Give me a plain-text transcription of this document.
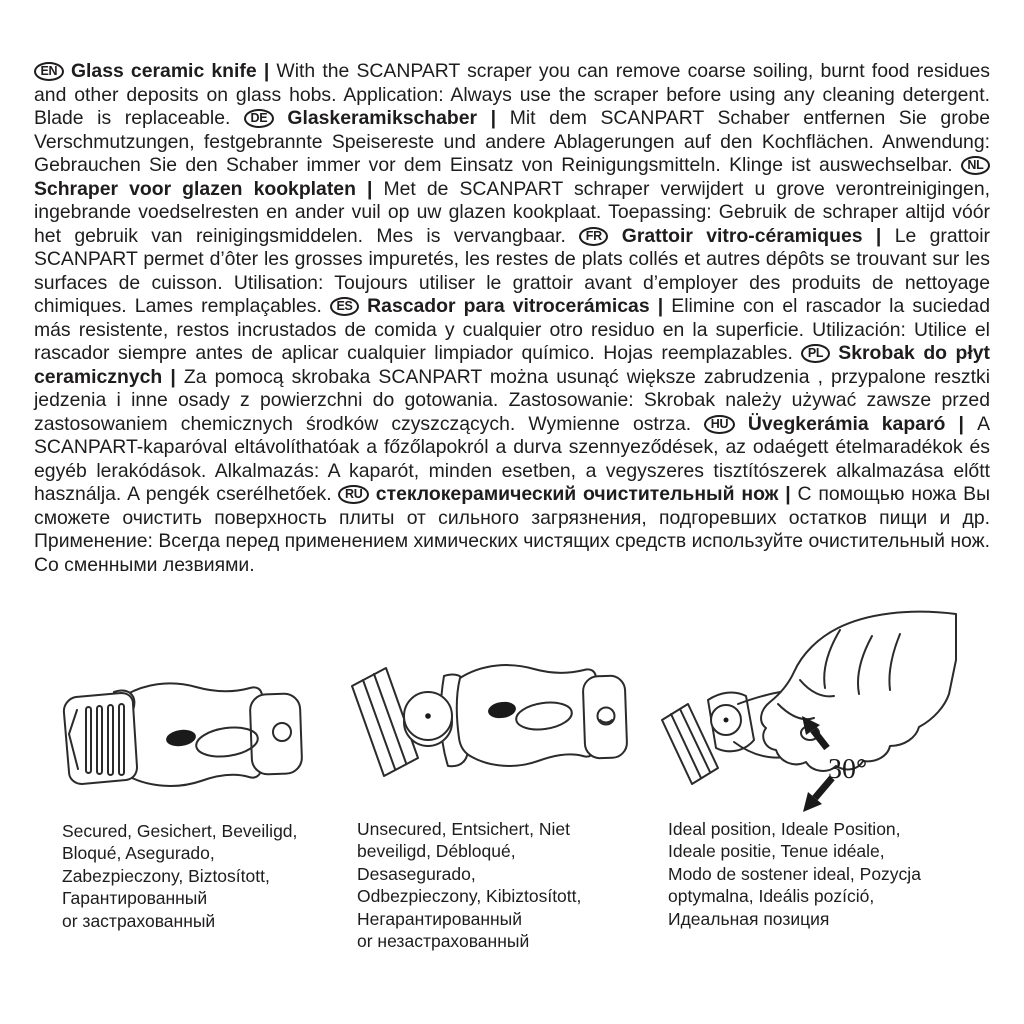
EN Glass ceramic knife | With the SCANPART scraper you can remove coarse soiling, burnt food residues and other deposits on glass hobs. Application: Always use the scraper before using any cleaning detergent. Blade is replaceable. DE Glaskeramikschaber | Mit dem SCANPART Schaber entfernen Sie grobe Verschmutzungen, festgebrannte Speisereste und andere Ablagerungen auf den Kochflächen. Anwendung: Gebrauchen Sie den Schaber immer vor dem Einsatz von Reinigungsmitteln. Klinge ist auswechselbar. NL Schraper voor glazen kookplaten | Met de SCANPART schraper verwijdert u grove verontreinigingen, ingebrande voedselresten en ander vuil op uw glazen kookplaat. Toepassing: Gebruik de schraper altijd vóór het gebruik van reinigingsmiddelen. Mes is vervangbaar. FR Grattoir vitro-céramiques | Le grattoir SCANPART permet d’ôter les grosses impuretés, les restes de plats collés et autres dépôts se trouvant sur les surfaces de cuisson. Utilisation: Toujours utiliser le grattoir avant d’employer des produits de nettoyage chimiques. Lames remplaçables. ES Rascador para vitrocerámicas | Elimine con el rascador la suciedad más resistente, restos incrustados de comida y cualquier otro residuo en la superficie. Utilización: Utilice el rascador siempre antes de aplicar cualquier limpiador químico. Hojas reemplazables. PL Skrobak do płyt ceramicznych | Za pomocą skrobaka SCANPART można usunąć większe zabrudzenia , przypalone resztki jedzenia i inne osady z powierzchni do gotowania. Zastosowanie: Skrobak należy używać zawsze przed zastosowaniem chemicznych środków czyszczących. Wymienne ostrza. HU Üvegkerámia kaparó | A SCANPART-kaparóval eltávolíthatóak a főzőlapokról a durva szennyeződések, az odaégett ételmaradékok és egyéb lerakódások. Alkalmazás: A kaparót, minden esetben, a vegyszeres tisztítószerek alkalmazása előtt használja. A pengék cserélhetőek. RU стеклокерамический очистительный нож | С помощью ножа Вы сможете очистить поверхность плиты от сильного загрязнения, подгоревших остатков пищи и др. Применение: Всегда перед применением химических чистящих средств используйте очистительный нож. Со сменными лезвиями.

30°

Secured, Gesichert, Beveiligd,
Bloqué, Asegurado,
Zabezpieczony, Biztosított,
Гарантированный
or застрахованный

Unsecured, Entsichert, Niet
beveiligd, Débloqué,
Desasegurado,
Odbezpieczony, Kibiztosított,
Негарантированный
or незастрахованный

Ideal position, Ideale Position,
Ideale positie, Tenue idéale,
Modo de sostener ideal, Pozycja
optymalna, Ideális pozíció,
Идеальная позиция
